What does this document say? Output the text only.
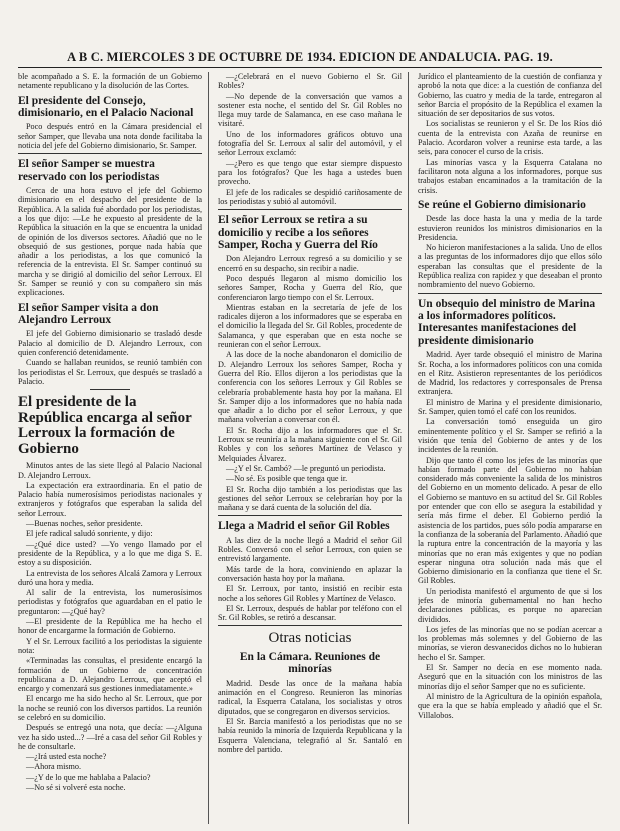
A B C. MIERCOLES 3 DE OCTUBRE DE 1934. EDICION DE ANDALUCIA. PAG. 19.

ble acompañado a S. E. la formación de un Gobierno netamente republicano y la disolución de las Cortes.

El presidente del Consejo, dimisionario, en el Palacio Nacional

Poco después entró en la Cámara presidencial el señor Samper, que llevaba una nota donde facilitaba la noticia del jefe del Gobierno dimisionario, Sr. Samper.

El señor Samper se muestra reservado con los periodistas

Cerca de una hora estuvo el jefe del Gobierno dimisionario en el despacho del presidente de la República. A la salida fué abordado por los periodistas, a los que dijo: —Le he expuesto al presidente de la República la situación en la que se encuentra la unidad de opinión de los diversos sectores. Añadió que no le obsequió de sus gestiones, porque nada había que añadir a los periodistas, a los que comunicó la referencia de la entrevista. El Sr. Samper continuó su marcha y se dirigió al domicilio del señor Lerroux. El Sr. Samper se reunió y con su compañero sin más explicaciones.

El señor Samper visita a don Alejandro Lerroux

El jefe del Gobierno dimisionario se trasladó desde Palacio al domicilio de D. Alejandro Lerroux, con quien conferenció detenidamente.

Cuando se hallaban reunidos, se reunió también con los periodistas el Sr. Lerroux, que después se trasladó a Palacio.

El presidente de la República encarga al señor Lerroux la formación de Gobierno

Minutos antes de las siete llegó al Palacio Nacional D. Alejandro Lerroux.

La expectación era extraordinaria. En el patio de Palacio había numerosísimos periodistas nacionales y extranjeros y fotógrafos que esperaban la salida del señor Lerroux.

—Buenas noches, señor presidente.

El jefe radical saludó sonriente, y dijo:

—¿Qué dice usted? —Yo vengo llamado por el presidente de la República, y a lo que me diga S. E. estoy a su disposición.

La entrevista de los señores Alcalá Zamora y Lerroux duró una hora y media.

Al salir de la entrevista, los numerosísimos periodistas y fotógrafos que aguardaban en el patio le preguntaron: —¿Qué hay?

—El presidente de la República me ha hecho el honor de encargarme la formación de Gobierno.

Y el Sr. Lerroux facilitó a los periodistas la siguiente nota:

«Terminadas las consultas, el presidente encargó la formación de un Gobierno de concentración republicana a D. Alejandro Lerroux, que aceptó el encargo y comenzará sus gestiones inmediatamente.»

El encargo me ha sido hecho al Sr. Lerroux, que por la noche se reunió con los diversos partidos. La reunión se celebró en su domicilio.

Después se entregó una nota, que decía: —¿Alguna vez ha sido usted...? —Iré a casa del señor Gil Robles y he de consultarle.

—¿Irá usted esta noche?

—Ahora mismo.

—¿Y de lo que me hablaba a Palacio?

—No sé si volveré esta noche.

—¿Celebrará en el nuevo Gobierno el Sr. Gil Robles?

—No depende de la conversación que vamos a sostener esta noche, el sentido del Sr. Gil Robles no llega muy tarde de Salamanca, en ese caso mañana le visitaré.

Uno de los informadores gráficos obtuvo una fotografía del Sr. Lerroux al salir del automóvil, y el señor Lerroux exclamó:

—¿Pero es que tengo que estar siempre dispuesto para los fotógrafos? Que les haga a ustedes buen provecho.

El jefe de los radicales se despidió cariñosamente de los periodistas y subió al automóvil.

El señor Lerroux se retira a su domicilio y recibe a los señores Samper, Rocha y Guerra del Río

Don Alejandro Lerroux regresó a su domicilio y se encerró en su despacho, sin recibir a nadie.

Poco después llegaron al mismo domicilio los señores Samper, Rocha y Guerra del Río, que conferenciaron largo tiempo con el Sr. Lerroux.

Mientras estaban en la secretaría de jefe de los radicales dijeron a los informadores que se esperaba en el domicilio la llegada del Sr. Gil Robles, procedente de Salamanca, y que esperaban que en esta noche se reunieran con el señor Lerroux.

A las doce de la noche abandonaron el domicilio de D. Alejandro Lerroux los señores Samper, Rocha y Guerra del Río. Ellos dijeron a los periodistas que la conferencia con los señores Lerroux y Gil Robles se celebraría probablemente hasta hoy por la mañana. El Sr. Samper dijo a los informadores que no había nada que añadir a lo dicho por el señor Lerroux, y que mañana volverían a conversar con él.

El Sr. Rocha dijo a los informadores que el Sr. Lerroux se reuniría a la mañana siguiente con el Sr. Gil Robles y con los señores Martínez de Velasco y Melquiades Álvarez.

—¿Y el Sr. Cambó? —le preguntó un periodista.

—No sé. Es posible que tenga que ir.

El Sr. Rocha dijo también a los periodistas que las gestiones del señor Lerroux se celebrarían hoy por la mañana y se dará cuenta de la solución del día.

Llega a Madrid el señor Gil Robles

A las diez de la noche llegó a Madrid el señor Gil Robles. Conversó con el señor Lerroux, con quien se entrevistó largamente.

Más tarde de la hora, conviniendo en aplazar la conversación hasta hoy por la mañana.

El Sr. Lerroux, por tanto, insistió en recibir esta noche a los señores Gil Robles y Martínez de Velasco.

El Sr. Lerroux, después de hablar por teléfono con el Sr. Gil Robles, se retiró a descansar.

Otras noticias
En la Cámara. Reuniones de minorías

Madrid. Desde las once de la mañana había animación en el Congreso. Reunieron las minorías radical, la Esquerra Catalana, los socialistas y otros diputados, que se congregaron en diversos servicios.

El Sr. Barcia manifestó a los periodistas que no se había reunido la minoría de Izquierda Republicana y la Esquerra Valenciana, telegrafió al Sr. Santaló en nombre del partido.

Jurídico el planteamiento de la cuestión de confianza y aprobó la nota que dice: a la cuestión de confianza del Gobierno, las cuatro y media de la tarde, entregaron al señor Barcia el propósito de la República el examen la situación de ser depositarios de sus votos.

Los socialistas se reunieron y el Sr. De los Ríos dió cuenta de la entrevista con Azaña de reunirse en Palacio. Acordaron volver a reunirse esta tarde, a las seis, para conocer el curso de la crisis.

Las minorías vasca y la Esquerra Catalana no facilitaron nota alguna a los informadores, porque sus trabajos estaban encaminados a la tramitación de la crisis.

Se reúne el Gobierno dimisionario

Desde las doce hasta la una y media de la tarde estuvieron reunidos los ministros dimisionarios en la Presidencia.

No hicieron manifestaciones a la salida. Uno de ellos a las preguntas de los informadores dijo que ellos sólo esperaban las consultas que el presidente de la República realiza con rapidez y que deseaban el pronto nombramiento del nuevo Gobierno.

Un obsequio del ministro de Marina a los informadores políticos. Interesantes manifestaciones del presidente dimisionario

Madrid. Ayer tarde obsequió el ministro de Marina Sr. Rocha, a los informadores políticos con una comida en el Ritz. Asistieron representantes de los periódicos de Madrid, los redactores y corresponsales de Prensa extranjera.

El ministro de Marina y el presidente dimisionario, Sr. Samper, quien tomó el café con los reunidos.

La conversación tomó enseguida un giro eminentemente político y el Sr. Samper se refirió a la visión que tenía del Gobierno de antes y de los incidentes de la reunión.

Dijo que tanto él como los jefes de las minorías que habían formado parte del Gobierno no habían considerado más conveniente la salida de los ministros del Gobierno en un momento delicado. A pesar de ello el Gobierno se mantuvo en su actitud del Sr. Gil Robles por entender que con ello se asegura la estabilidad y sería más firme el deber. El Gobierno perdió la asistencia de los partidos, pues sólo podía ampararse en la confianza de la soberanía del Parlamento. Añadió que la ruptura entre la concentración de la mayoría y las minorías que no eran más exigentes y que no podían esperar ninguna otra solución nada más que el Gobierno dimisionario en la confianza que tiene el Sr. Gil Robles.

Un periodista manifestó el argumento de que si los jefes de minoría gubernamental no han hecho declaraciones públicas, es porque no aparecían divididos.

Los jefes de las minorías que no se podían acercar a los problemas más solemnes y del Gobierno de las minorías, se vieron desvanecidos dichos no lo hubieran hecho el Sr. Samper.

El Sr. Samper no decía en ese momento nada. Aseguró que en la situación con los ministros de las minorías dijo el señor Samper que no es suficiente.

Al ministro de la Agricultura de la opinión española, que era la que se había empleado y añadió que el Sr. Villalobos.
